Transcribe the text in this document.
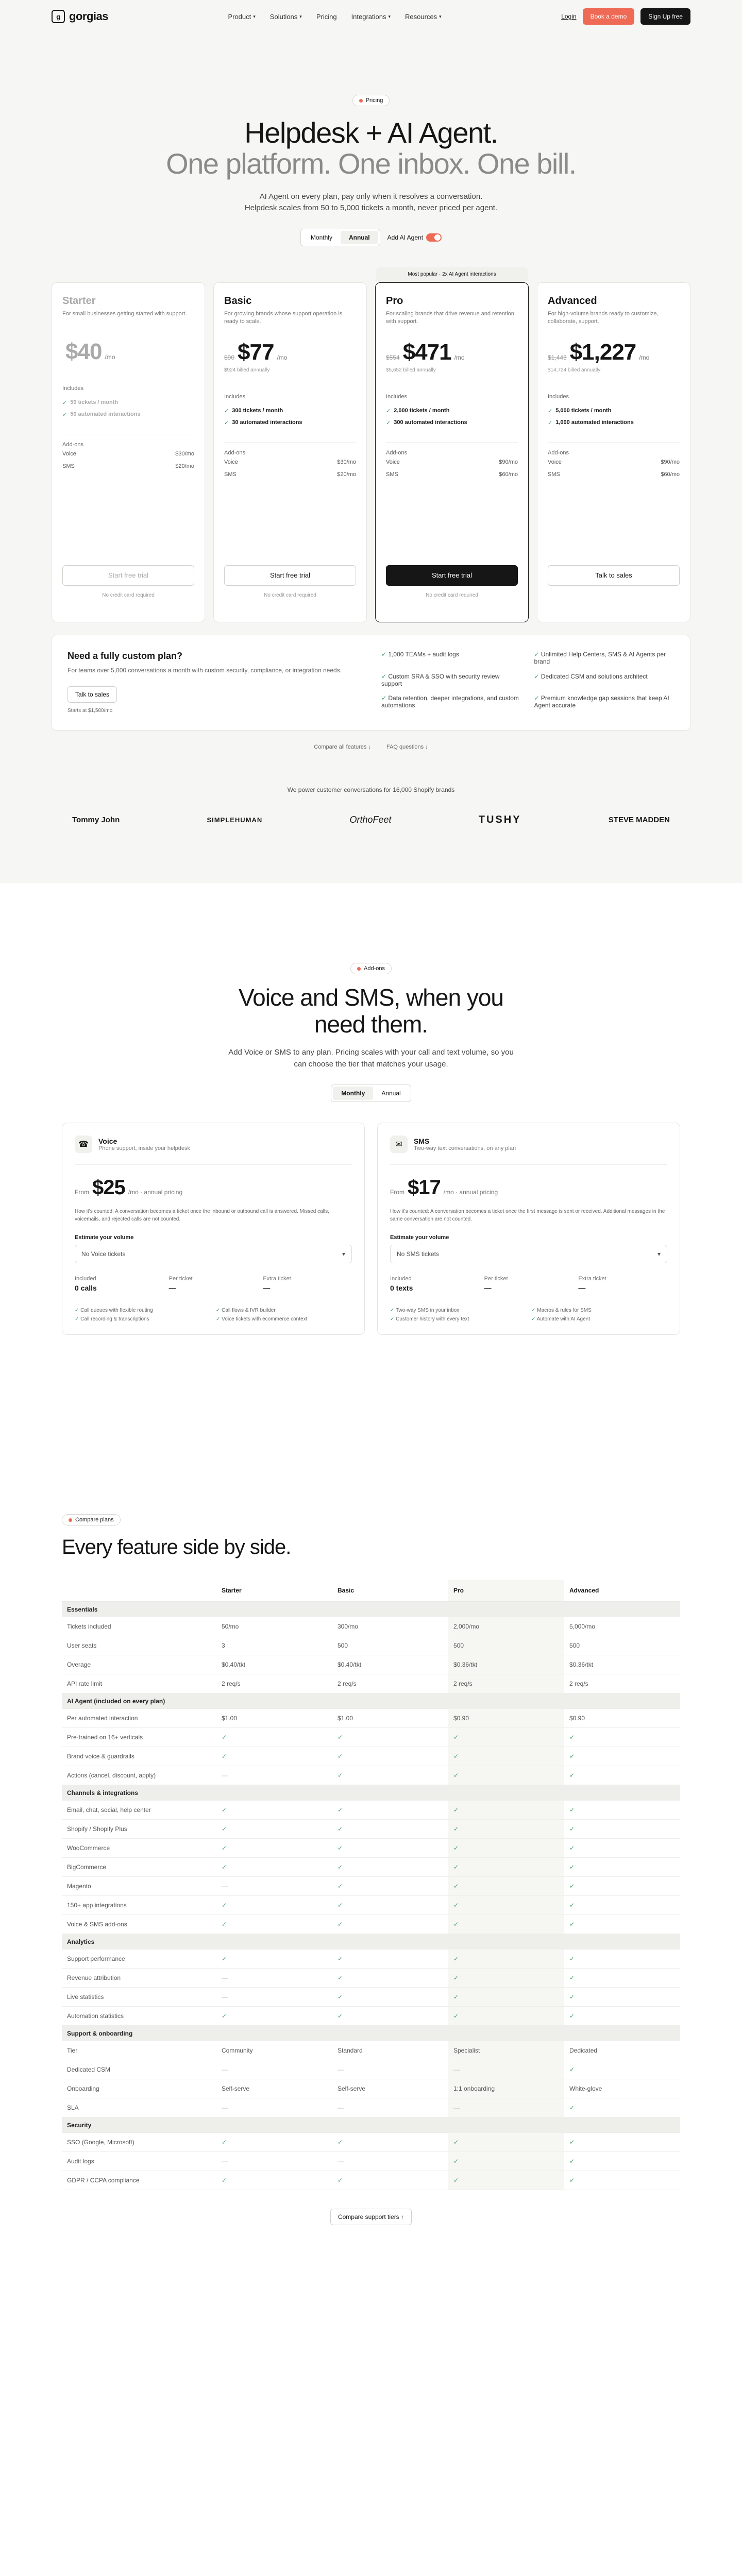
g gorgias	Product ▾ Solutions ▾ Pricing Integrations ▾ Resources ▾	Login	Book a demo	Sign Up free
Pricing
Helpdesk + AI Agent.
One platform. One inbox. One bill.

AI Agent on every plan, pay only when it resolves a conversation.
Helpdesk scales from 50 to 5,000 tickets a month, never priced per agent.

Monthly	Annual	Add AI Agent
Starter
For small businesses getting started with support.
$40 /mo
Includes
✓ 50 tickets / month
✓ 50 automated interactions
Add-ons
Voice	$30/mo
SMS	$20/mo
Start free trial
No credit card required
Basic
For growing brands whose support operation is ready to scale.
$90 $77 /mo
$924 billed annually
Includes
✓ 300 tickets / month
✓ 30 automated interactions
Add-ons
Voice	$30/mo
SMS	$20/mo
Start free trial
No credit card required
Most popular · 2x AI Agent interactions
Pro
For scaling brands that drive revenue and retention with support.
$554 $471 /mo
$5,652 billed annually
Includes
✓ 2,000 tickets / month
✓ 300 automated interactions
Add-ons
Voice	$90/mo
SMS	$60/mo
Start free trial
No credit card required
Advanced
For high-volume brands ready to customize, collaborate, support.
$1,443 $1,227 /mo
$14,724 billed annually
Includes
✓ 5,000 tickets / month
✓ 1,000 automated interactions
Add-ons
Voice	$90/mo
SMS	$60/mo
Talk to sales
Need a fully custom plan?

For teams over 5,000 conversations a month with custom security, compliance, or integration needs.

Talk to sales

Starts at $1,500/mo

✓ 1,000 TEAMs + audit logs	✓ Unlimited Help Centers, SMS & AI Agents per brand
✓ Custom SRA & SSO with security review support
✓ Dedicated CSM and solutions architect
✓ Data retention, deeper integrations, and custom automations
✓ Premium knowledge gap sessions that keep AI Agent accurate
Compare all features ↓	FAQ questions ↓

We power customer conversations for 16,000 Shopify brands

Tommy John	SIMPLEHUMAN	OrthoFeet	TUSHY	STEVE MADDEN
Add-ons
Voice and SMS, when you
need them.

Add Voice or SMS to any plan. Pricing scales with your call and text volume, so you can choose the tier that matches your usage.

Monthly	Annual
☎	Voice
Phone support, inside your helpdesk
From $25 /mo · annual pricing

How it's counted: A conversation becomes a ticket once the inbound or outbound call is answered. Missed calls, voicemails, and rejected calls are not counted.

Estimate your volume
No Voice tickets	▾
Included
0 calls
Per ticket
—
Extra ticket
—
✓ Call queues with flexible routing	✓ Call flows & IVR builder
✓ Call recording & transcriptions	✓ Voice tickets with ecommerce context
✉	SMS
Two-way text conversations, on any plan
From $17 /mo · annual pricing

How it's counted: A conversation becomes a ticket once the first message is sent or received. Additional messages in the same conversation are not counted.

Estimate your volume
No SMS tickets	▾
Included
0 texts
Per ticket
—
Extra ticket
—
✓ Two-way SMS in your inbox	✓ Macros & rules for SMS
✓ Customer history with every text	✓ Automate with AI Agent
Compare plans
Every feature side by side.
	Starter	Basic	Pro	Advanced
Essentials				
Tickets included	50/mo	300/mo	2,000/mo	5,000/mo
User seats	3	500	500	500
Overage	$0.40/tkt	$0.40/tkt	$0.36/tkt	$0.36/tkt
API rate limit	2 req/s	2 req/s	2 req/s	2 req/s
AI Agent (included on every plan)				
Per automated interaction	$1.00	$1.00	$0.90	$0.90
Pre-trained on 16+ verticals	✓	✓	✓	✓
Brand voice & guardrails	✓	✓	✓	✓
Actions (cancel, discount, apply)	—	✓	✓	✓
Channels & integrations				
Email, chat, social, help center	✓	✓	✓	✓
Shopify / Shopify Plus	✓	✓	✓	✓
WooCommerce	✓	✓	✓	✓
BigCommerce	✓	✓	✓	✓
Magento	—	✓	✓	✓
150+ app integrations	✓	✓	✓	✓
Voice & SMS add-ons	✓	✓	✓	✓
Analytics				
Support performance	✓	✓	✓	✓
Revenue attribution	—	✓	✓	✓
Live statistics	—	✓	✓	✓
Automation statistics	✓	✓	✓	✓
Support & onboarding				
Tier	Community	Standard	Specialist	Dedicated
Dedicated CSM	—	—	—	✓
Onboarding	Self-serve	Self-serve	1:1 onboarding	White-glove
SLA	—	—	—	✓
Security				
SSO (Google, Microsoft)	✓	✓	✓	✓
Audit logs	—	—	✓	✓
GDPR / CCPA compliance	✓	✓	✓	✓
Compare support tiers ↑
